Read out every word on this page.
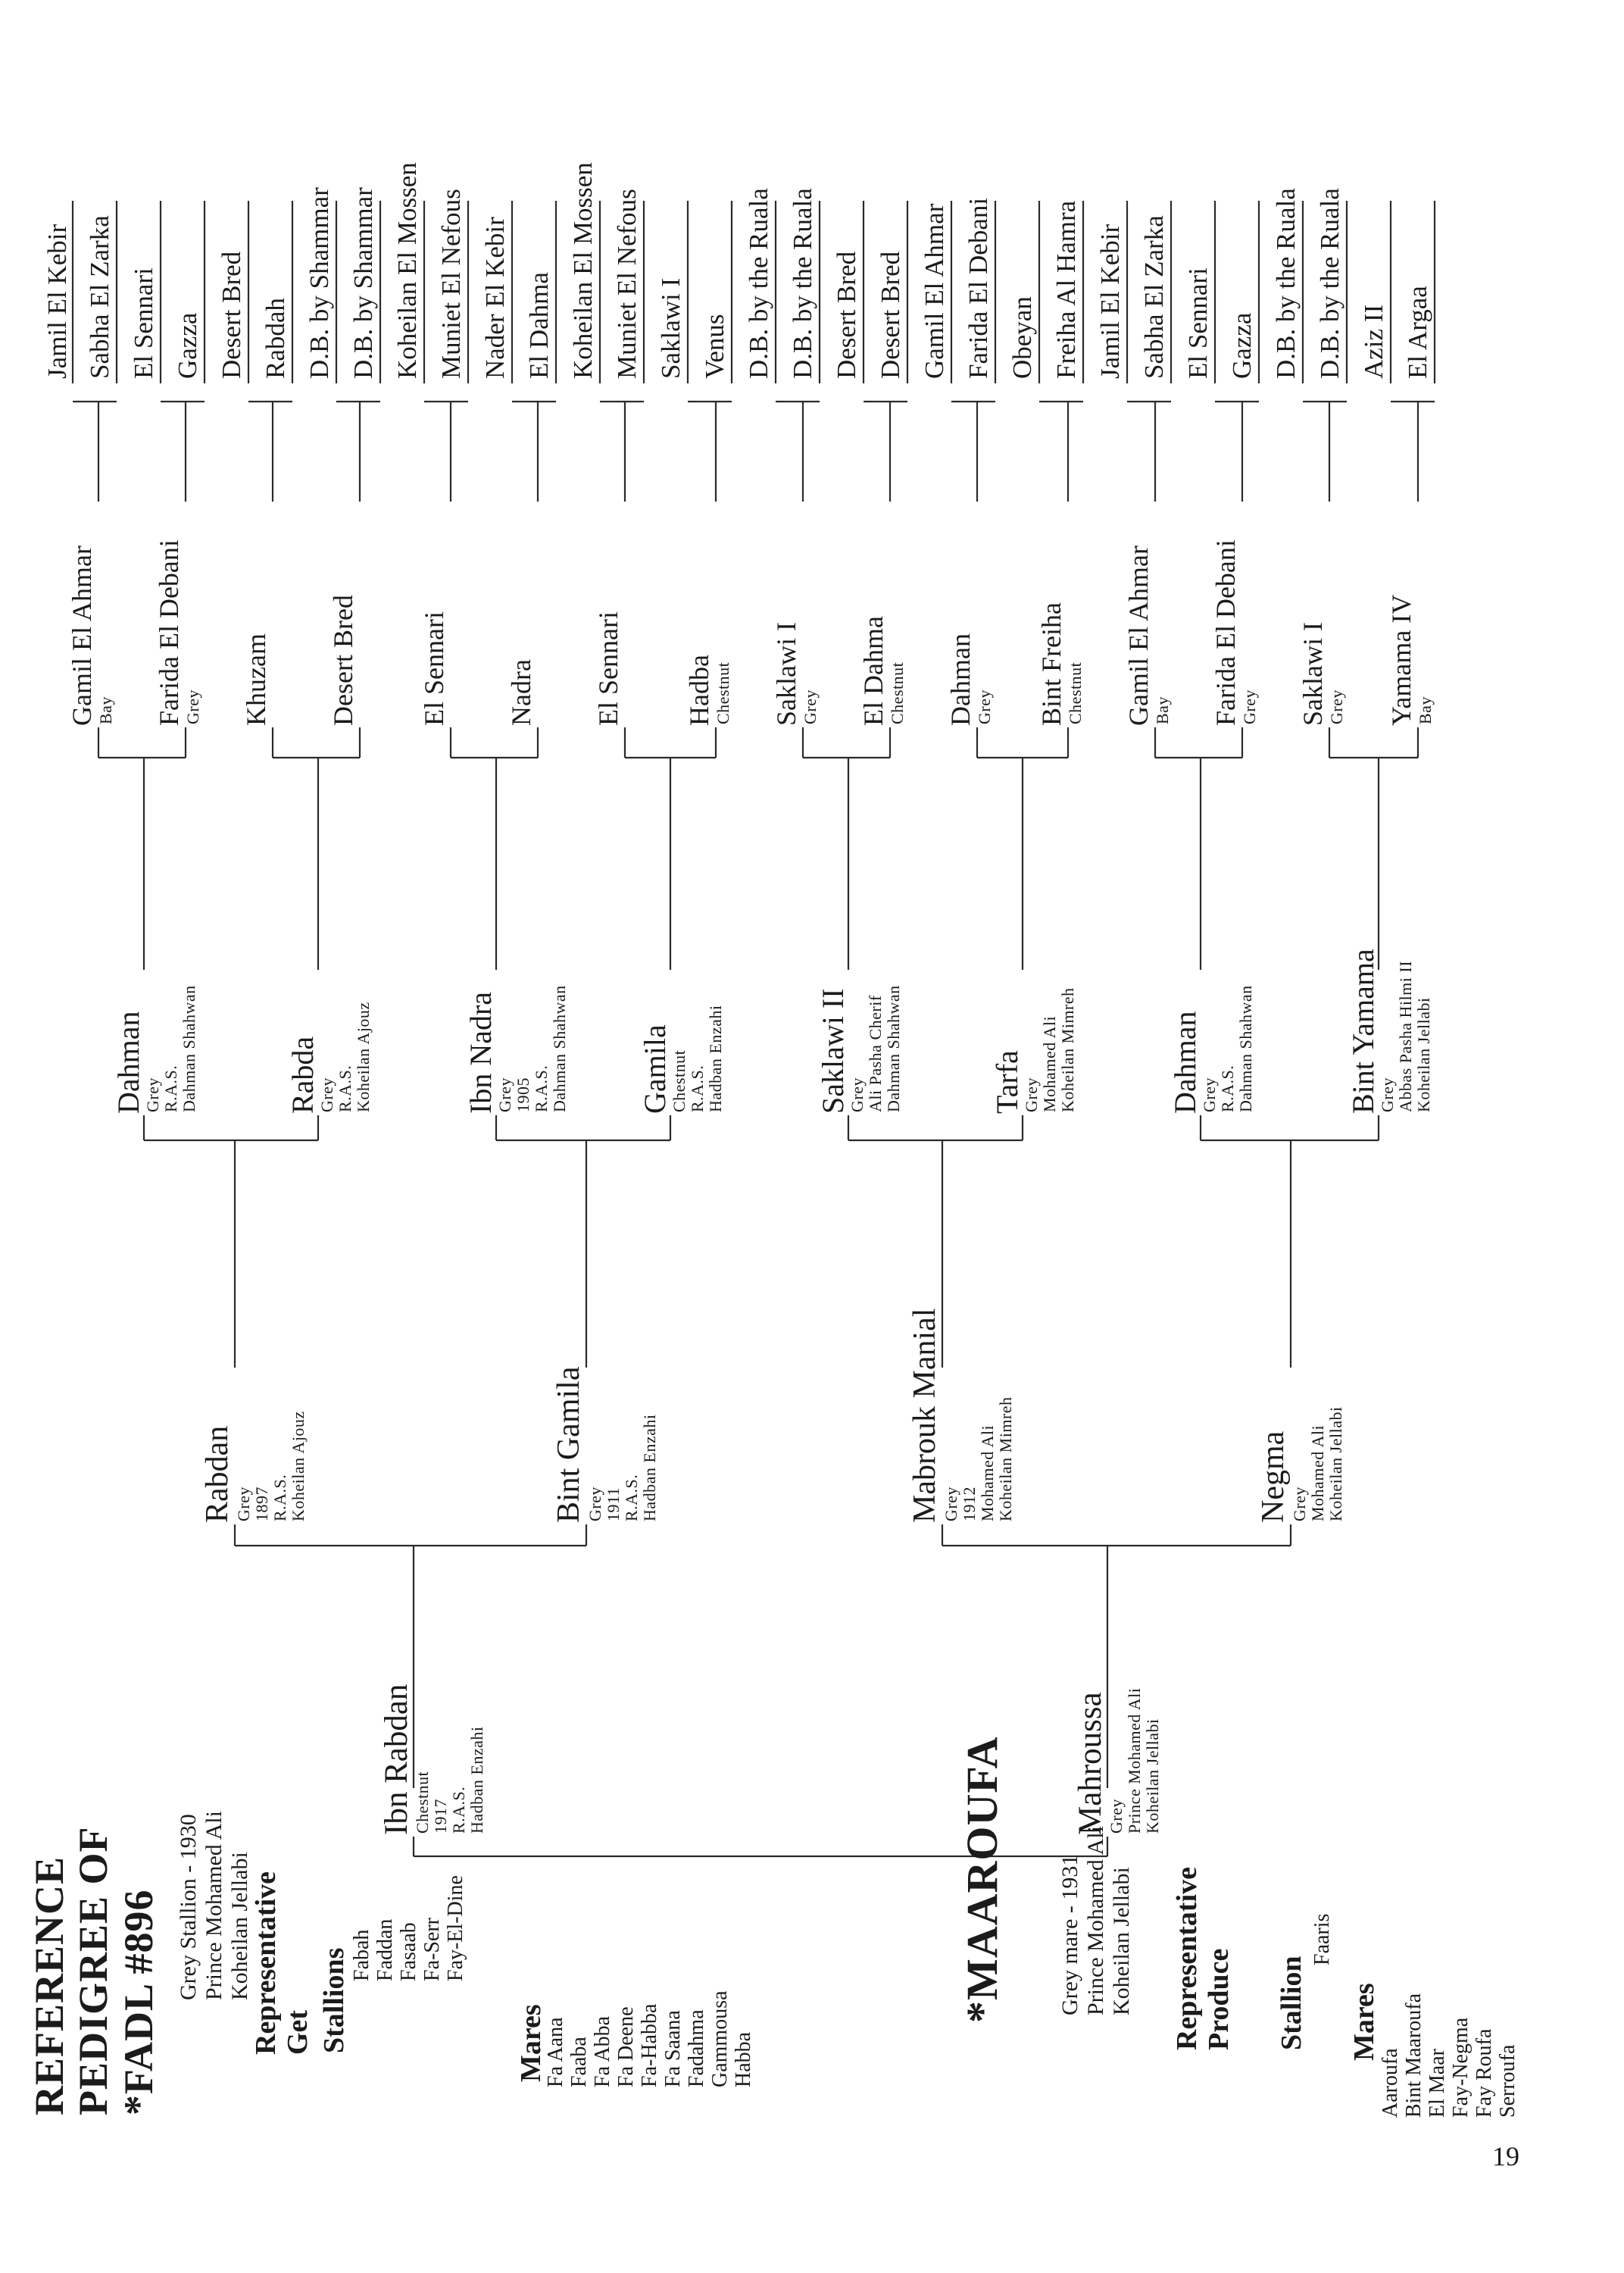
REFERENCE
PEDIGREE OF *FADL #896 Grey Stallion - 1930
Prince Mohamed Ali
Koheilan Jellabi
Representative
Get Stallions Fabah
Faddan
Fasaab
Fa-Serr
Fay-El-Dine
Mares
Fa Aana
Faaba
Fa Abba
Fa Deene
Fa-Habba
Fa Saana
Fadahma
Gammousa
Habba
*MAAROUFA Grey mare - 1931
Prince Mohamed Ali
Koheilan Jellabi Representative
Produce Stallion
Faaris
Mares
Aaroufa
Bint Maaroufa
El Maar
Fay-Negma
Fay Roufa
Serroufa
Ibn Rabdan
Chestnut
1917
R.A.S.
Hadban Enzahi	Mahroussa
Grey
Prince Mohamed Ali
Koheilan Jellabi
Rabdan Grey
1897
R.A.S.
Koheilan Ajouz	Bint Gamila Grey
1911
R.A.S.
Hadban Enzahi	Mabrouk Manial Grey
1912
Mohamed Ali
Koheilan Mimreh
Negma Grey
Mohamed Ali
Koheilan Jellabi
Dahman
Grey
R.A.S.
Dahman Shahwan
Rabda
Grey
R.A.S.
Koheilan Ajouz	Ibn Nadra
Grey
1905
R.A.S.
Dahman Shahwan
Gamila
Chestnut
R.A.S.
Hadban Enzahi	Saklawi II
Grey
Ali Pasha Cherif
Dahman Shahwan
Tarfa
Grey
Mohamed Ali
Koheilan Mimreh	Dahman
Grey
R.A.S.
Dahman Shahwan	Bint Yamama
Grey
Abbas Pasha Hilmi II
Koheilan Jellabi
Gamil El Ahmar Bay Farida El Debani Grey Khuzam Desert Bred El Sennari Nadra El Sennari Hadba Chestnut Saklawi I Grey El Dahma Chestnut Dahman Grey Bint Freiha Chestnut Gamil El Ahmar Bay Farida El Debani Grey Saklawi I Grey Yamama IV Bay
Jamil El Kebir Sabha El Zarka El Sennari Gazza Desert Bred Rabdah D.B. by Shammar D.B. by Shammar Koheilan El Mossen Muniet El Nefous Nader El Kebir El Dahma Koheilan El Mossen Muniet El Nefous Saklawi I Venus D.B. by the Ruala D.B. by the Ruala Desert Bred Desert Bred Gamil El Ahmar Farida El Debani Obeyan Freiha Al Hamra Jamil El Kebir Sabha El Zarka El Sennari Gazza D.B. by the Ruala D.B. by the Ruala Aziz II El Argaa
19
